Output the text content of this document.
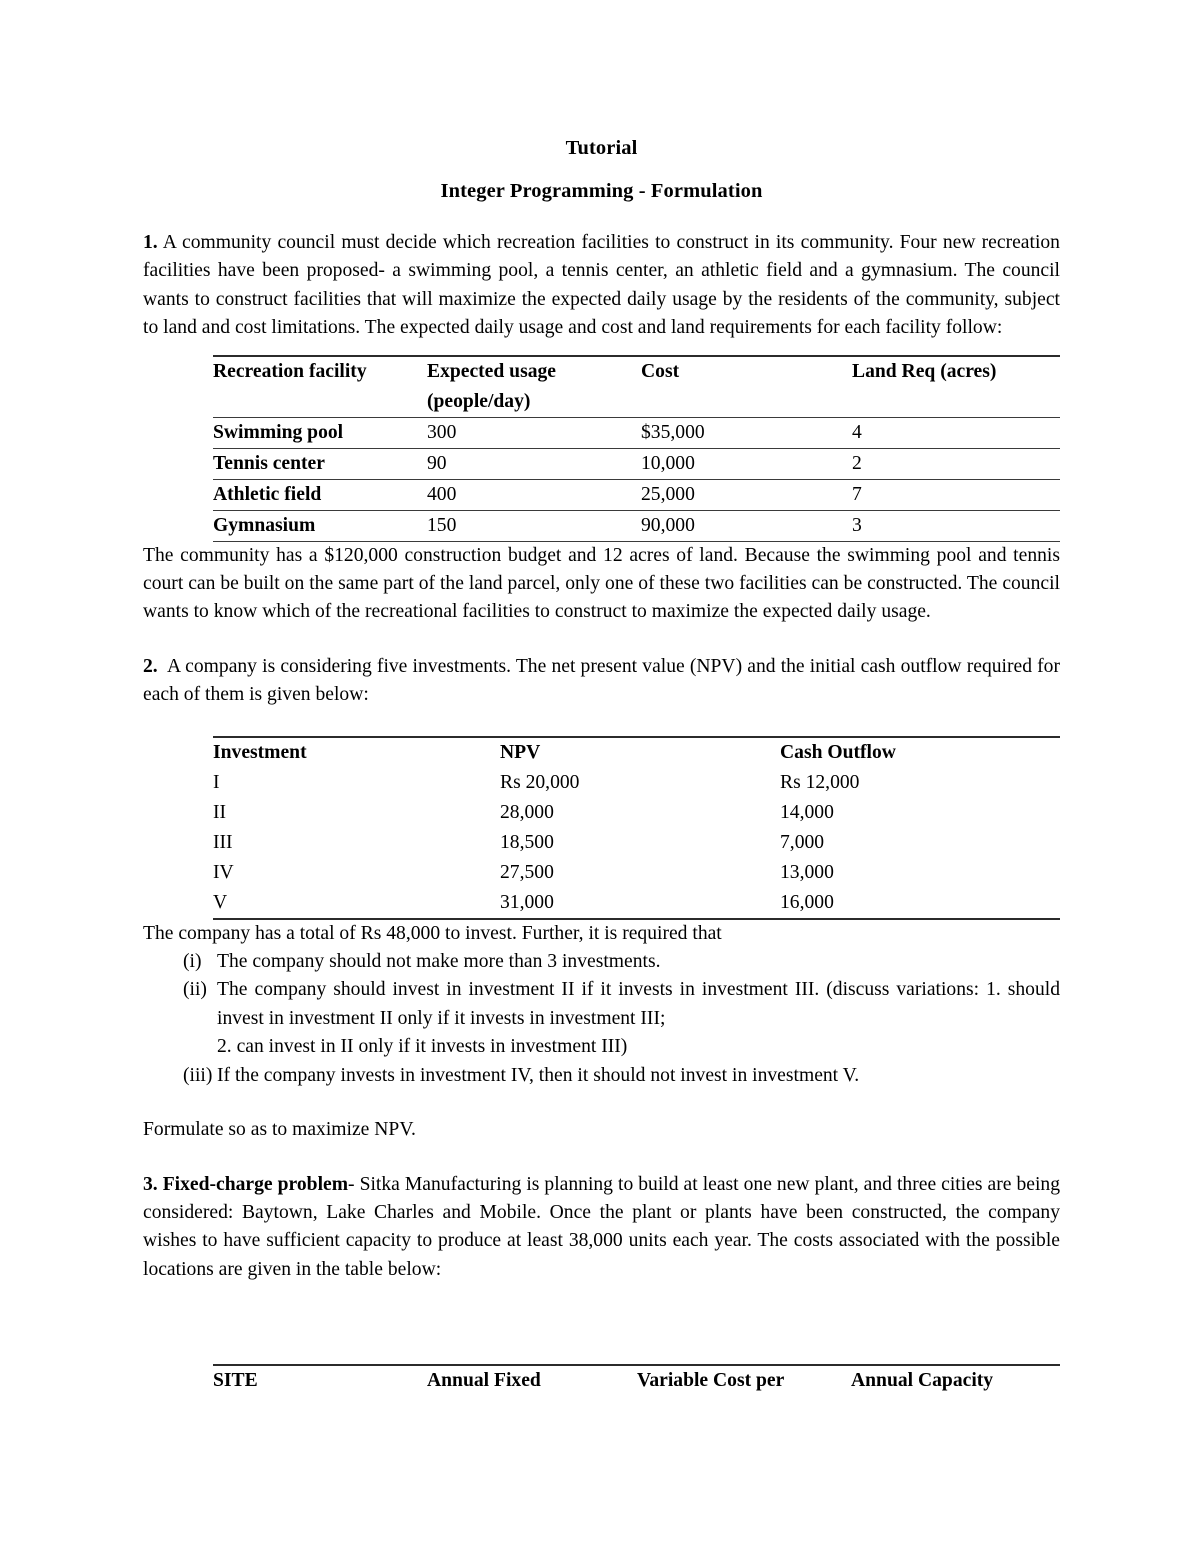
Tutorial
Integer Programming - Formulation

1. A community council must decide which recreation facilities to construct in its community. Four new recreation facilities have been proposed- a swimming pool, a tennis center, an athletic field and a gymnasium. The council wants to construct facilities that will maximize the expected daily usage by the residents of the community, subject to land and cost limitations. The expected daily usage and cost and land requirements for each facility follow:

Recreation facility	Expected usage	Cost	Land Req (acres)
	(people/day)		
Swimming pool	300	$35,000	4
Tennis center	90	10,000	2
Athletic field	400	25,000	7
Gymnasium	150	90,000	3

The community has a $120,000 construction budget and 12 acres of land. Because the swimming pool and tennis court can be built on the same part of the land parcel, only one of these two facilities can be constructed. The council wants to know which of the recreational facilities to construct to maximize the expected daily usage.

2. A company is considering five investments. The net present value (NPV) and the initial cash outflow required for each of them is given below:

Investment	NPV	Cash Outflow
I	Rs 20,000	Rs 12,000
II	28,000	14,000
III	18,500	7,000
IV	27,500	13,000
V	31,000	16,000

The company has a total of Rs 48,000 to invest. Further, it is required that

(i) The company should not make more than 3 investments.
(ii) The company should invest in investment II if it invests in investment III. (discuss variations: 1. should invest in investment II only if it invests in investment III;
2. can invest in II only if it invests in investment III)
(iii) If the company invests in investment IV, then it should not invest in investment V.

Formulate so as to maximize NPV.

3. Fixed-charge problem- Sitka Manufacturing is planning to build at least one new plant, and three cities are being considered: Baytown, Lake Charles and Mobile. Once the plant or plants have been constructed, the company wishes to have sufficient capacity to produce at least 38,000 units each year. The costs associated with the possible locations are given in the table below:

SITE	Annual Fixed	Variable Cost per	Annual Capacity
